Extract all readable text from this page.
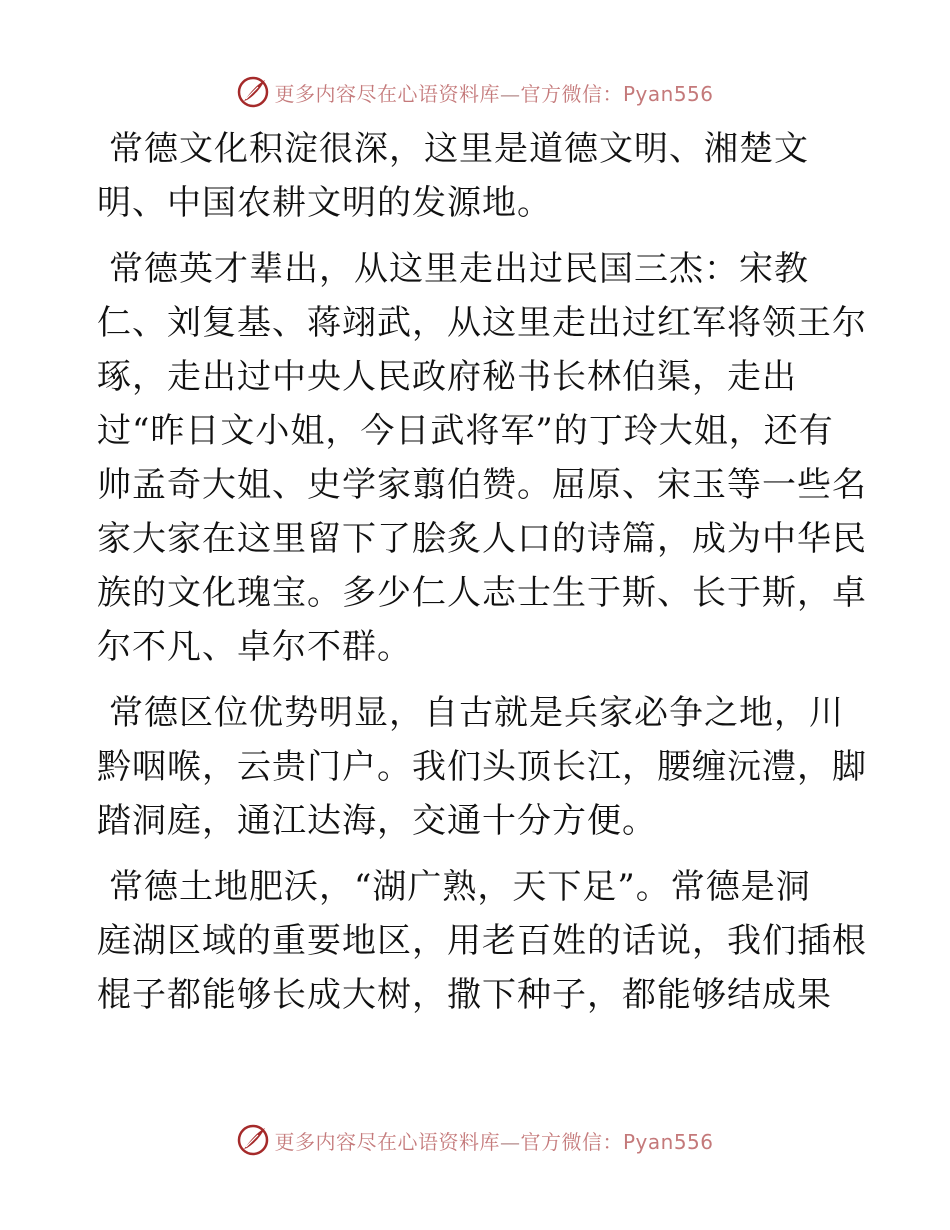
更多内容尽在心语资料库—官方微信：Pyan556

常德文化积淀很深，这里是道德文明、湘楚文
明、中国农耕文明的发源地。

常德英才辈出，从这里走出过民国三杰：宋教
仁、刘复基、蒋翊武，从这里走出过红军将领王尔
琢，走出过中央人民政府秘书长林伯渠，走出
过“昨日文小姐，今日武将军”的丁玲大姐，还有
帅孟奇大姐、史学家翦伯赞。屈原、宋玉等一些名
家大家在这里留下了脍炙人口的诗篇，成为中华民
族的文化瑰宝。多少仁人志士生于斯、长于斯，卓
尔不凡、卓尔不群。

常德区位优势明显，自古就是兵家必争之地，川
黔咽喉，云贵门户。我们头顶长江，腰缠沅澧，脚
踏洞庭，通江达海，交通十分方便。

常德土地肥沃，“湖广熟，天下足”。常德是洞
庭湖区域的重要地区，用老百姓的话说，我们插根
棍子都能够长成大树，撒下种子，都能够结成果

更多内容尽在心语资料库—官方微信：Pyan556
